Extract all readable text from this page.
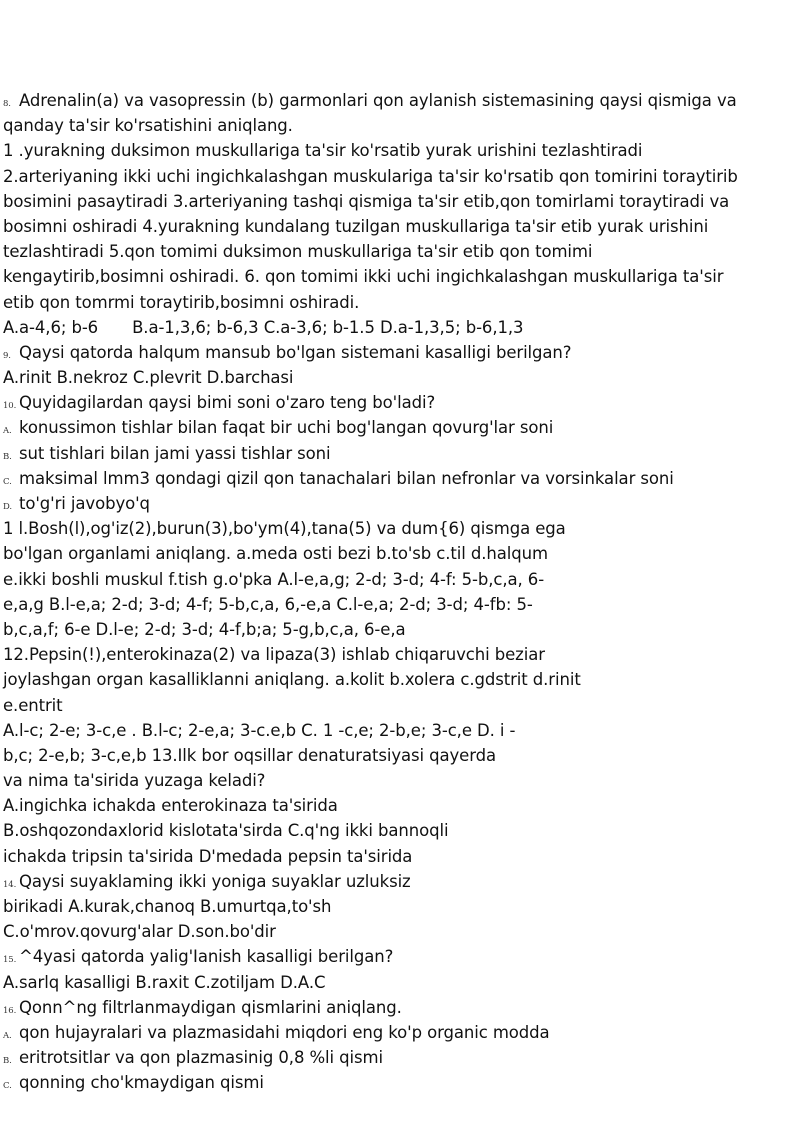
8. Adrenalin(a) va vasopressin (b) garmonlari qon aylanish sistemasining qaysi qismiga va
qanday ta'sir ko'rsatishini aniqlang.
1 .yurakning duksimon muskullariga ta'sir ko'rsatib yurak urishini tezlashtiradi
2.arteriyaning ikki uchi ingichkalashgan muskulariga ta'sir ko'rsatib qon tomirini toraytirib
bosimini pasaytiradi 3.arteriyaning tashqi qismiga ta'sir etib,qon tomirlami toraytiradi va
bosimni oshiradi 4.yurakning kundalang tuzilgan muskullariga ta'sir etib yurak urishini
tezlashtiradi 5.qon tomimi duksimon muskullariga ta'sir etib qon tomimi
kengaytirib,bosimni oshiradi. 6. qon tomimi ikki uchi ingichkalashgan muskullariga ta'sir
etib qon tomrmi toraytirib,bosimni oshiradi.
A.a-4,6; b-6 B.a-1,3,6; b-6,3 C.a-3,6; b-1.5 D.a-1,3,5; b-6,1,3
9. Qaysi qatorda halqum mansub bo'lgan sistemani kasalligi berilgan?
A.rinit B.nekroz C.plevrit D.barchasi
10. Quyidagilardan qaysi bimi soni o'zaro teng bo'ladi?
A. konussimon tishlar bilan faqat bir uchi bog'langan qovurg'lar soni
B. sut tishlari bilan jami yassi tishlar soni
C. maksimal lmm3 qondagi qizil qon tanachalari bilan nefronlar va vorsinkalar soni
D. to'g'ri javobyo'q
1 l.Bosh(l),og'iz(2),burun(3),bo'ym(4),tana(5) va dum{6) qismga ega
bo'lgan organlami aniqlang. a.meda osti bezi b.to'sb c.til d.halqum
e.ikki boshli muskul f.tish g.o'pka A.l-e,a,g; 2-d; 3-d; 4-f: 5-b,c,a, 6-
e,a,g B.l-e,a; 2-d; 3-d; 4-f; 5-b,c,a, 6,-e,a C.l-e,a; 2-d; 3-d; 4-fb: 5-
b,c,a,f; 6-e D.l-e; 2-d; 3-d; 4-f,b;a; 5-g,b,c,a, 6-e,a
12.Pepsin(!),enterokinaza(2) va lipaza(3) ishlab chiqaruvchi beziar
joylashgan organ kasalliklanni aniqlang. a.kolit b.xolera c.gdstrit d.rinit
e.entrit
A.l-c; 2-e; 3-c,e . B.l-c; 2-e,a; 3-c.e,b C. 1 -c,e; 2-b,e; 3-c,e D. i -
b,c; 2-e,b; 3-c,e,b 13.Ilk bor oqsillar denaturatsiyasi qayerda
va nima ta'sirida yuzaga keladi?
A.ingichka ichakda enterokinaza ta'sirida
B.oshqozondaxlorid kislotata'sirda C.q'ng ikki bannoqli
ichakda tripsin ta'sirida D'medada pepsin ta'sirida
14. Qaysi suyaklaming ikki yoniga suyaklar uzluksiz
birikadi A.kurak,chanoq B.umurtqa,to'sh
C.o'mrov.qovurg'alar D.son.bo'dir
15. ^4yasi qatorda yalig'Ianish kasalligi berilgan?
A.sarlq kasalligi B.raxit C.zotiljam D.A.C
16. Qonn^ng filtrlanmaydigan qismlarini aniqlang.
A. qon hujayralari va plazmasidahi miqdori eng ko'p organic modda
B. eritrotsitlar va qon plazmasinig 0,8 %li qismi
C. qonning cho'kmaydigan qismi
